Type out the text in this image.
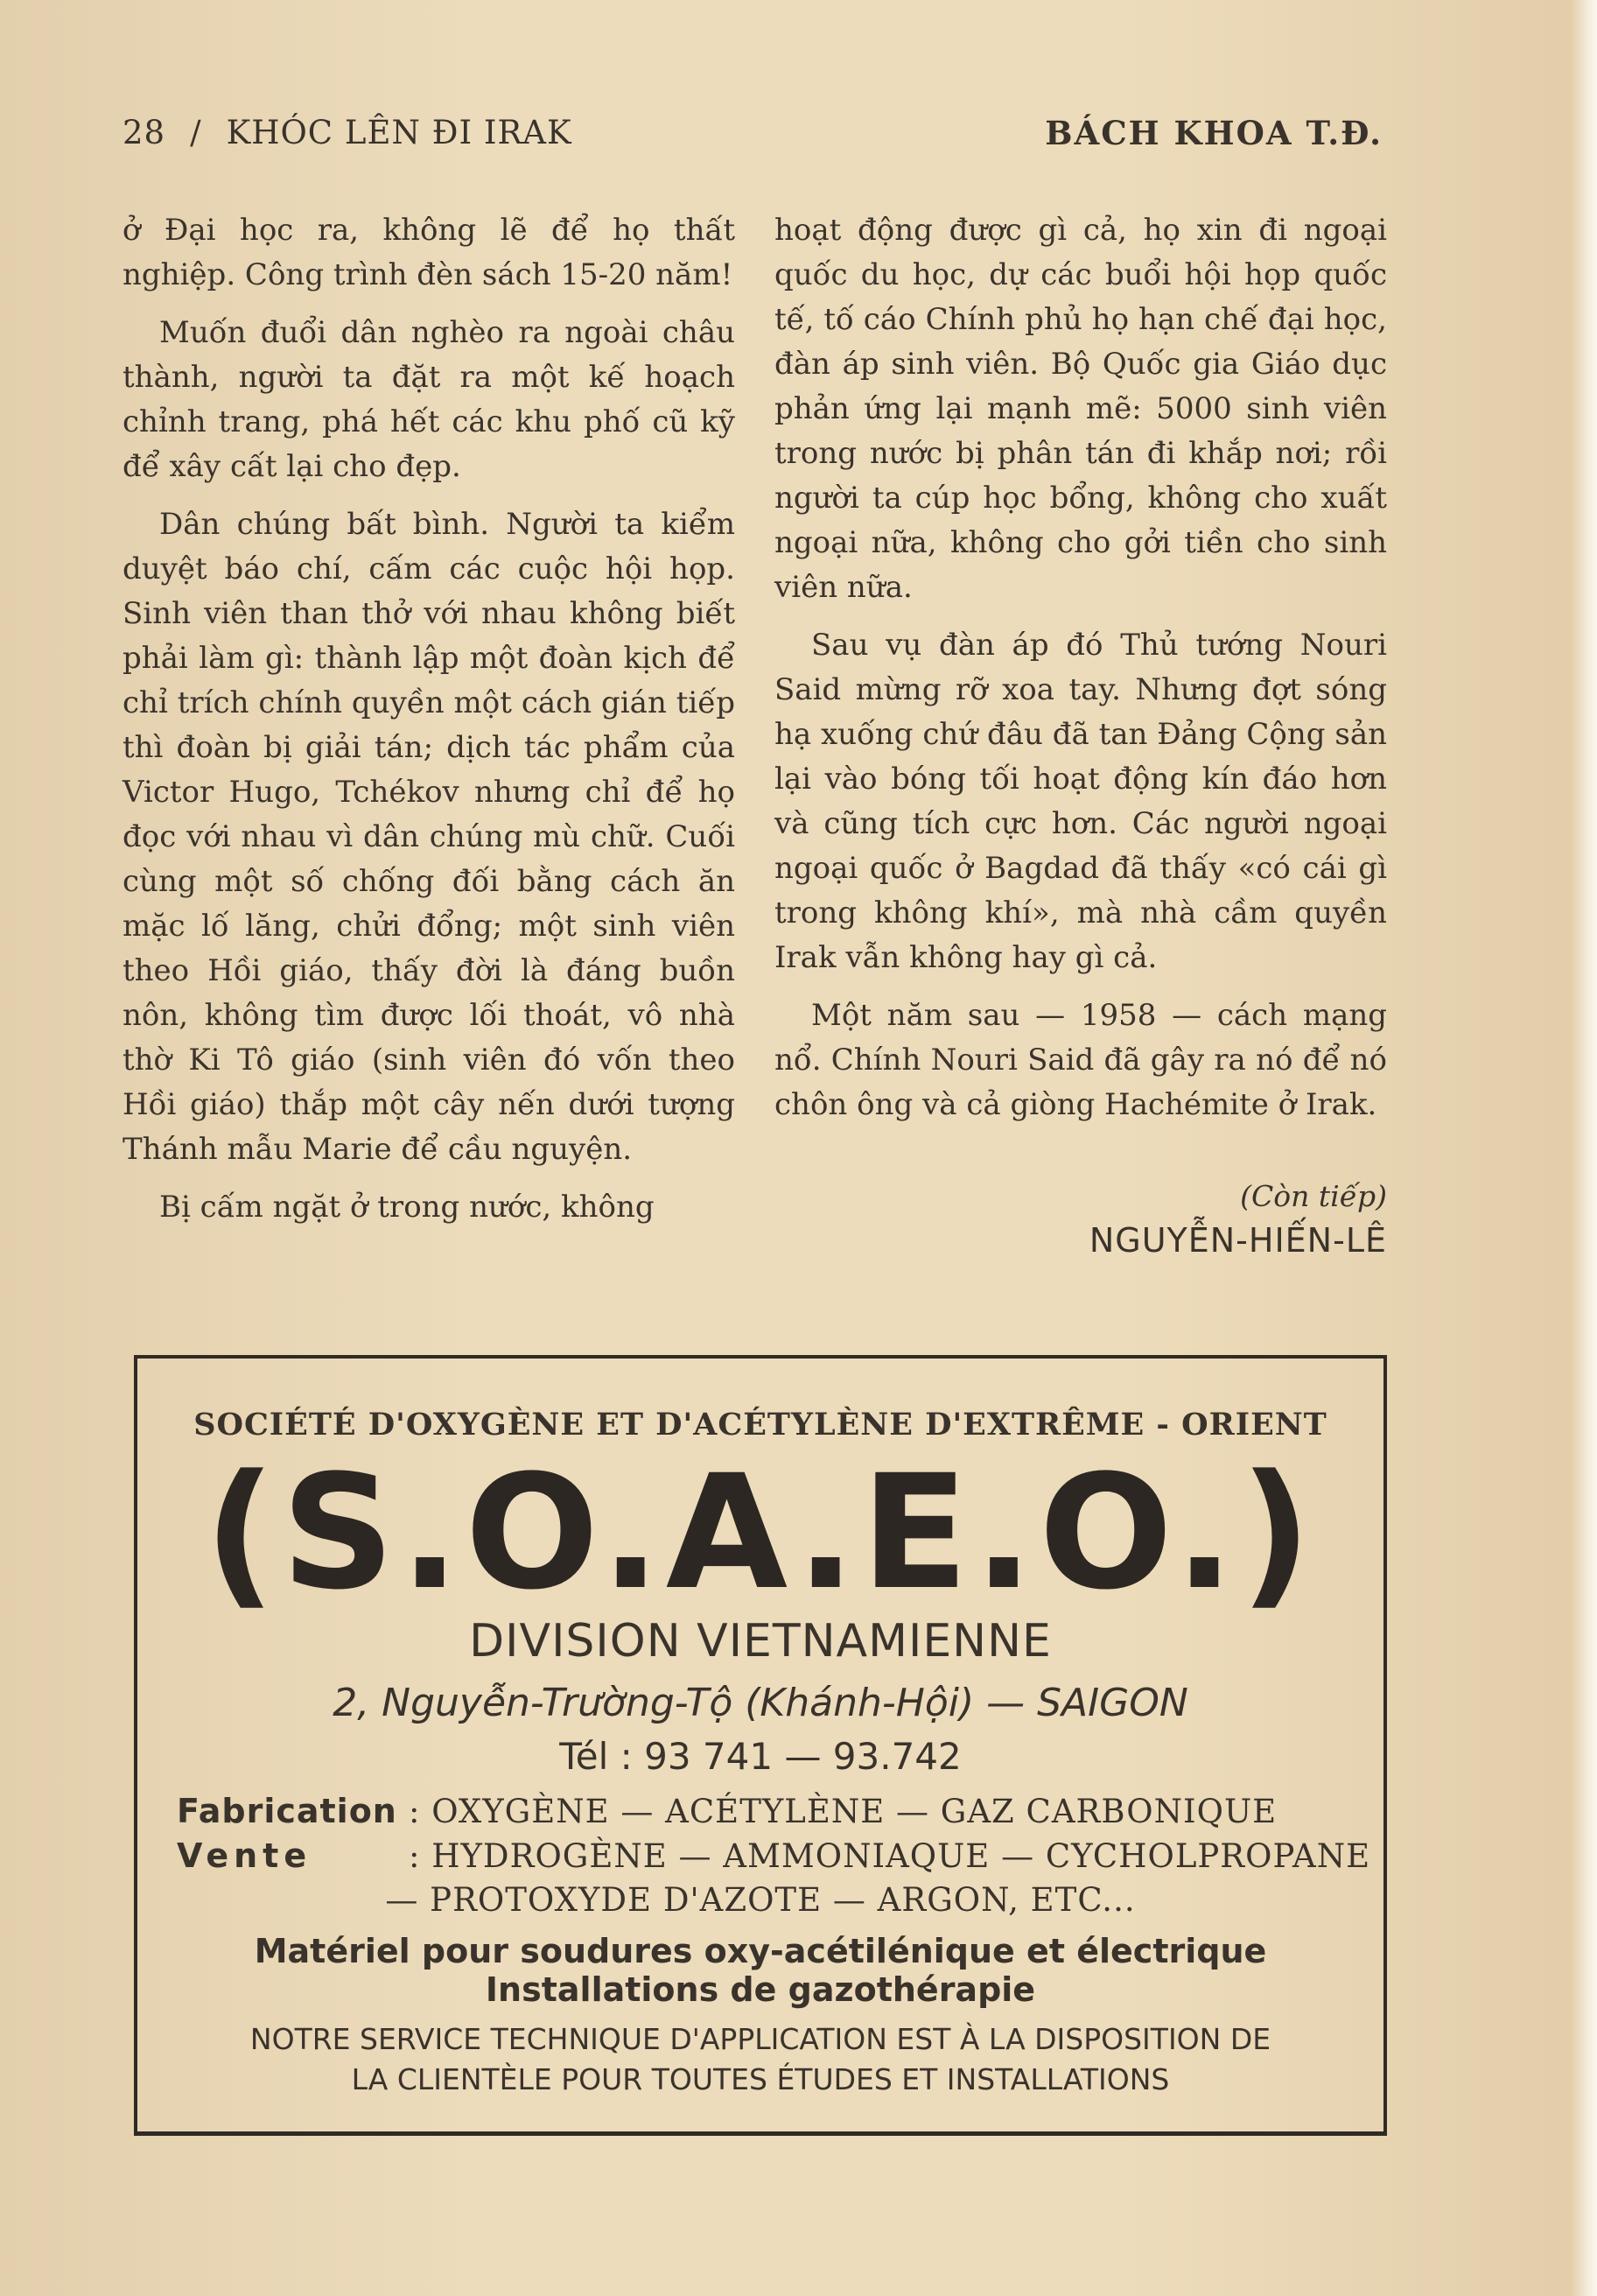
28 / KHÓC LÊN ĐI IRAK	BÁCH KHOA T.Đ.

ở Đại học ra, không lẽ để họ thất nghiệp. Công trình đèn sách 15-20 năm!

Muốn đuổi dân nghèo ra ngoài châu thành, người ta đặt ra một kế hoạch chỉnh trang, phá hết các khu phố cũ kỹ để xây cất lại cho đẹp.

Dân chúng bất bình. Người ta kiểm duyệt báo chí, cấm các cuộc hội họp. Sinh viên than thở với nhau không biết phải làm gì: thành lập một đoàn kịch để chỉ trích chính quyền một cách gián tiếp thì đoàn bị giải tán; dịch tác phẩm của Victor Hugo, Tchékov nhưng chỉ để họ đọc với nhau vì dân chúng mù chữ. Cuối cùng một số chống đối bằng cách ăn mặc lố lăng, chửi đổng; một sinh viên theo Hồi giáo, thấy đời là đáng buồn nôn, không tìm được lối thoát, vô nhà thờ Ki Tô giáo (sinh viên đó vốn theo Hồi giáo) thắp một cây nến dưới tượng Thánh mẫu Marie để cầu nguyện.

Bị cấm ngặt ở trong nước, không

hoạt động được gì cả, họ xin đi ngoại quốc du học, dự các buổi hội họp quốc tế, tố cáo Chính phủ họ hạn chế đại học, đàn áp sinh viên. Bộ Quốc gia Giáo dục phản ứng lại mạnh mẽ: 5000 sinh viên trong nước bị phân tán đi khắp nơi; rồi người ta cúp học bổng, không cho xuất ngoại nữa, không cho gởi tiền cho sinh viên nữa.

Sau vụ đàn áp đó Thủ tướng Nouri Said mừng rỡ xoa tay. Nhưng đợt sóng hạ xuống chứ đâu đã tan Đảng Cộng sản lại vào bóng tối hoạt động kín đáo hơn và cũng tích cực hơn. Các người ngoại ngoại quốc ở Bagdad đã thấy «có cái gì trong không khí», mà nhà cầm quyền Irak vẫn không hay gì cả.

Một năm sau — 1958 — cách mạng nổ. Chính Nouri Said đã gây ra nó để nó chôn ông và cả giòng Hachémite ở Irak.

(Còn tiếp)
NGUYỄN-HIẾN-LÊ
SOCIÉTÉ D'OXYGÈNE ET D'ACÉTYLÈNE D'EXTRÊME - ORIENT
(S.O.A.E.O.)
DIVISION VIETNAMIENNE
2, Nguyễn-Trường-Tộ (Khánh-Hội) — SAIGON
Tél : 93 741 — 93.742
Fabrication : OXYGÈNE — ACÉTYLÈNE — GAZ CARBONIQUE
Vente	: HYDROGÈNE — AMMONIAQUE — CYCHOLPROPANE
— PROTOXYDE D'AZOTE — ARGON, ETC...
Matériel pour soudures oxy-acétilénique et électrique
Installations de gazothérapie
NOTRE SERVICE TECHNIQUE D'APPLICATION EST À LA DISPOSITION DE
LA CLIENTÈLE POUR TOUTES ÉTUDES ET INSTALLATIONS
